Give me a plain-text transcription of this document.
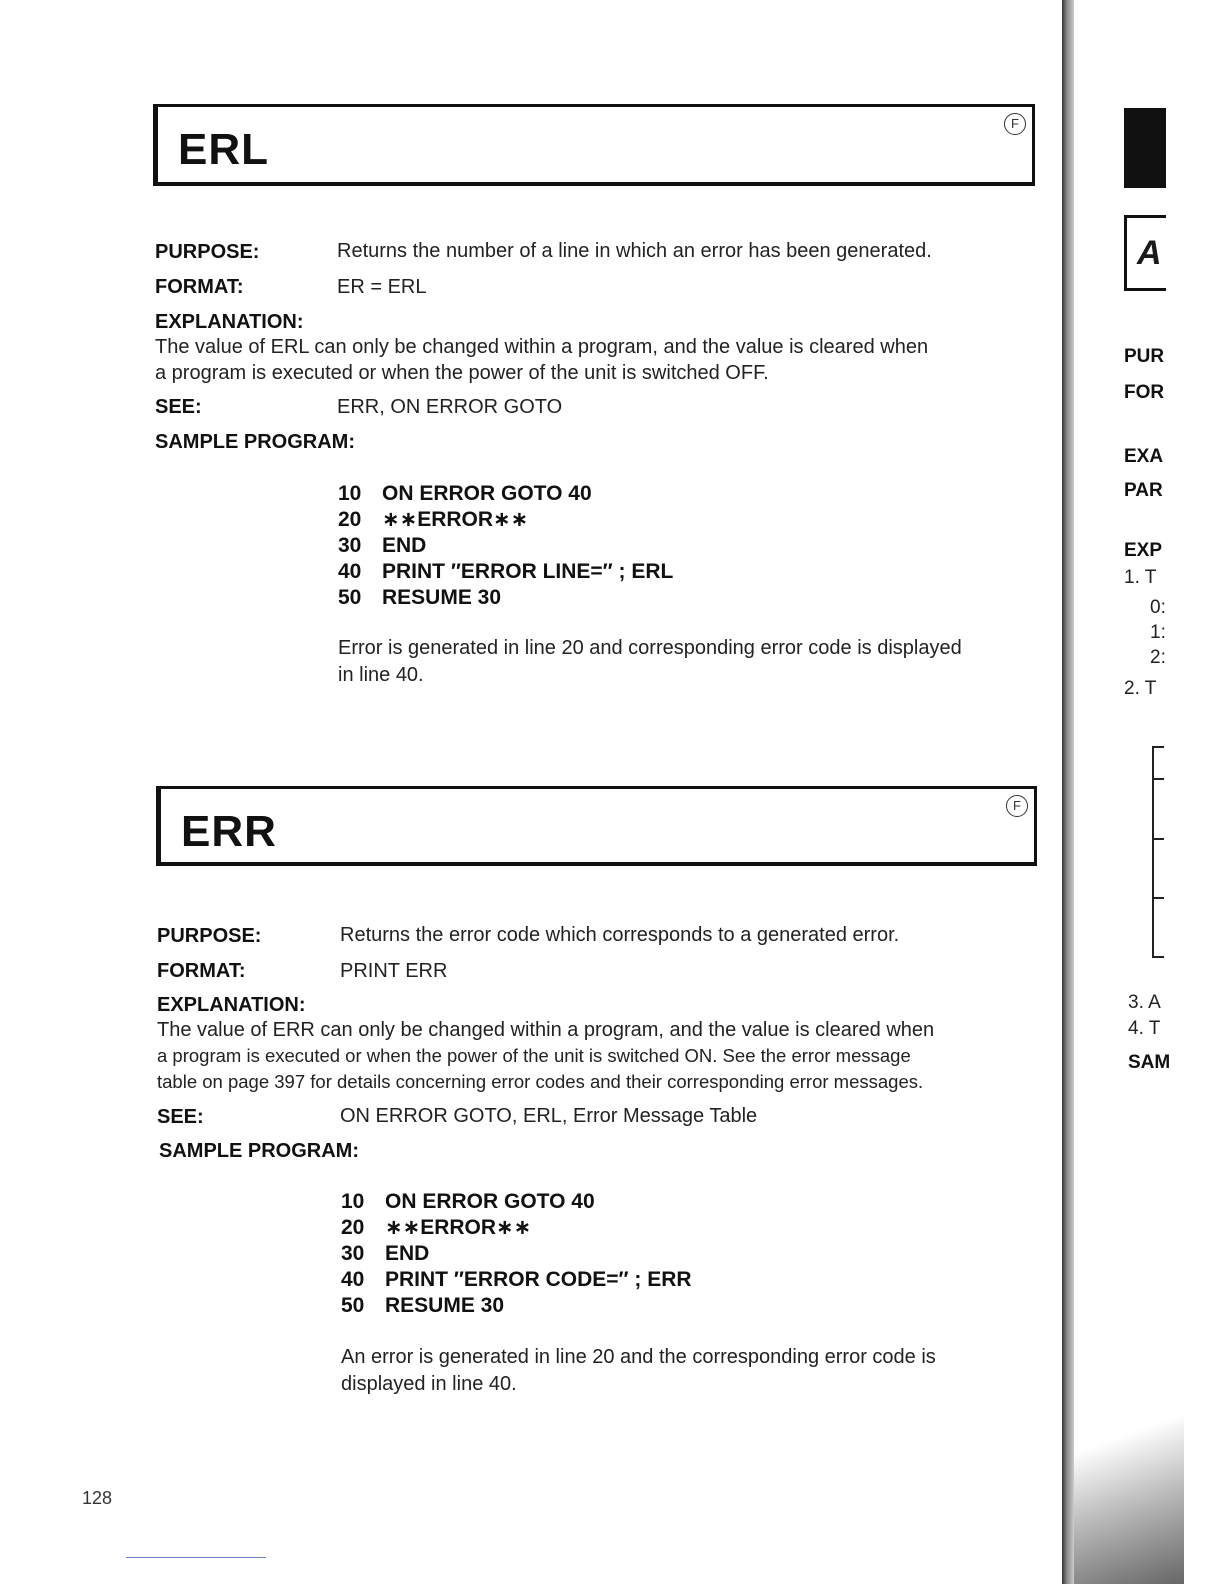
ERL
F
PURPOSE:	Returns the number of a line in which an error has been generated.
FORMAT:	ER = ERL
EXPLANATION:
The value of ERL can only be changed within a program, and the value is cleared when
a program is executed or when the power of the unit is switched OFF.
SEE:	ERR, ON ERROR GOTO
SAMPLE PROGRAM:
10 ON ERROR GOTO 40
20 ∗∗ERROR∗∗
30 END
40 PRINT ″ERROR LINE=″ ; ERL
50 RESUME 30
Error is generated in line 20 and corresponding error code is displayed
in line 40.
ERR
F
PURPOSE:	Returns the error code which corresponds to a generated error.
FORMAT:	PRINT ERR
EXPLANATION:
The value of ERR can only be changed within a program, and the value is cleared when
a program is executed or when the power of the unit is switched ON. See the error message
table on page 397 for details concerning error codes and their corresponding error messages.
SEE:	ON ERROR GOTO, ERL, Error Message Table
SAMPLE PROGRAM:
10 ON ERROR GOTO 40
20 ∗∗ERROR∗∗
30 END
40 PRINT ″ERROR CODE=″ ; ERR
50 RESUME 30
An error is generated in line 20 and the corresponding error code is
displayed in line 40.
128
A
PUR
FOR
EXA
PAR
EXP
1. T
0:
1:
2:
2. T
3. A
4. T
SAM
